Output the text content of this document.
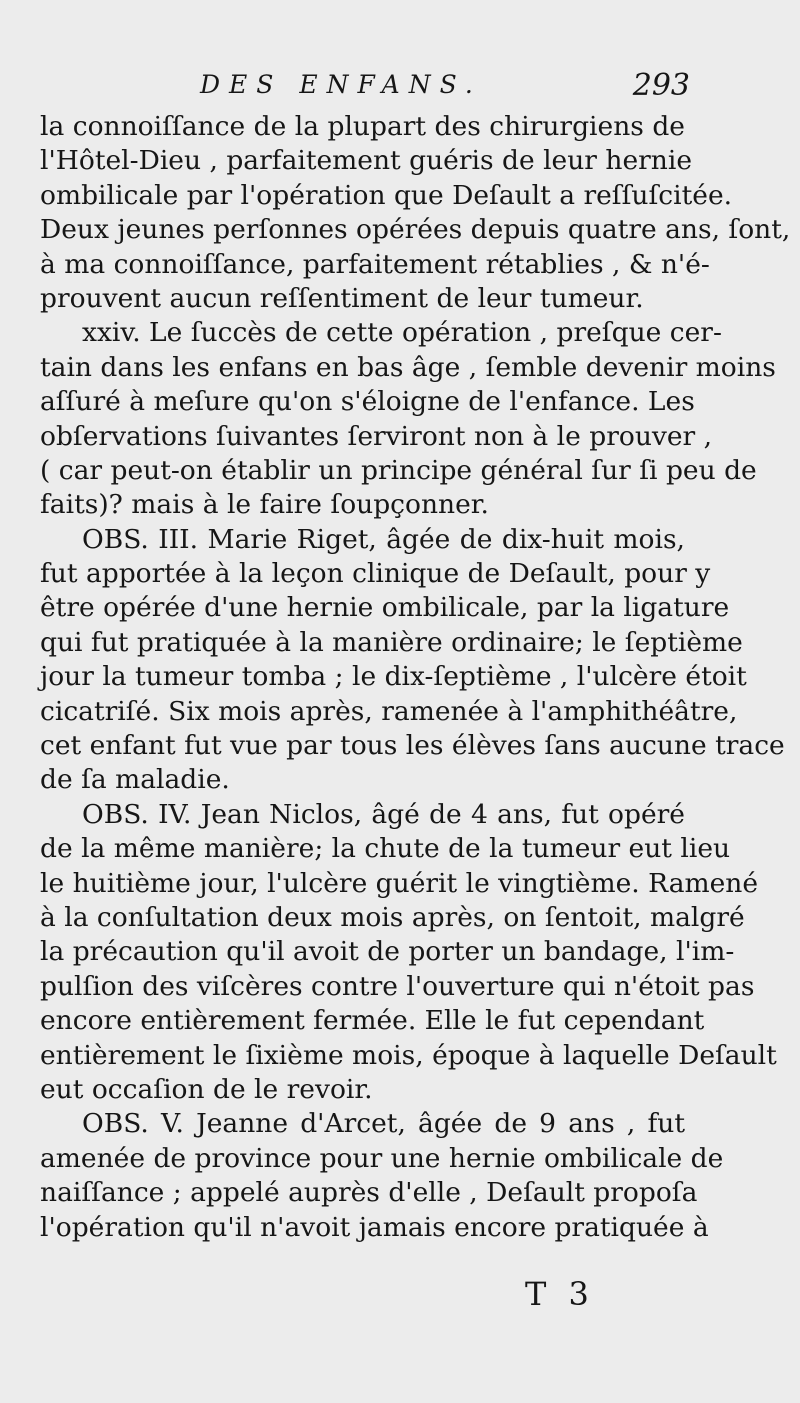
DES ENFANS.	293
la connoiſſance de la plupart des chirurgiens de
l'Hôtel-Dieu , parfaitement guéris de leur hernie
ombilicale par l'opération que Deſault a reſſuſcitée.
Deux jeunes perſonnes opérées depuis quatre ans, ſont,
à ma connoiſſance, parfaitement rétablies , & n'é-
prouvent aucun reſſentiment de leur tumeur.
xxiv. Le ſuccès de cette opération , preſque cer-
tain dans les enfans en bas âge , ſemble devenir moins
aſſuré à meſure qu'on s'éloigne de l'enfance. Les
obſervations ſuivantes ſerviront non à le prouver ,
( car peut-on établir un principe général ſur ſi peu de
faits)? mais à le faire ſoupçonner.
OBS. III. Marie Riget, âgée de dix-huit mois,
fut apportée à la leçon clinique de Deſault, pour y
être opérée d'une hernie ombilicale, par la ligature
qui fut pratiquée à la manière ordinaire; le ſeptième
jour la tumeur tomba ; le dix-ſeptième , l'ulcère étoit
cicatriſé. Six mois après, ramenée à l'amphithéâtre,
cet enfant fut vue par tous les élèves ſans aucune trace
de ſa maladie.
OBS. IV. Jean Niclos, âgé de 4 ans, fut opéré
de la même manière; la chute de la tumeur eut lieu
le huitième jour, l'ulcère guérit le vingtième. Ramené
à la conſultation deux mois après, on ſentoit, malgré
la précaution qu'il avoit de porter un bandage, l'im-
pulſion des viſcères contre l'ouverture qui n'étoit pas
encore entièrement fermée. Elle le fut cependant
entièrement le ſixième mois, époque à laquelle Deſault
eut occaſion de le revoir.
OBS. V. Jeanne d'Arcet, âgée de 9 ans , fut
amenée de province pour une hernie ombilicale de
naiſſance ; appelé auprès d'elle , Deſault propoſa
l'opération qu'il n'avoit jamais encore pratiquée à
T 3
